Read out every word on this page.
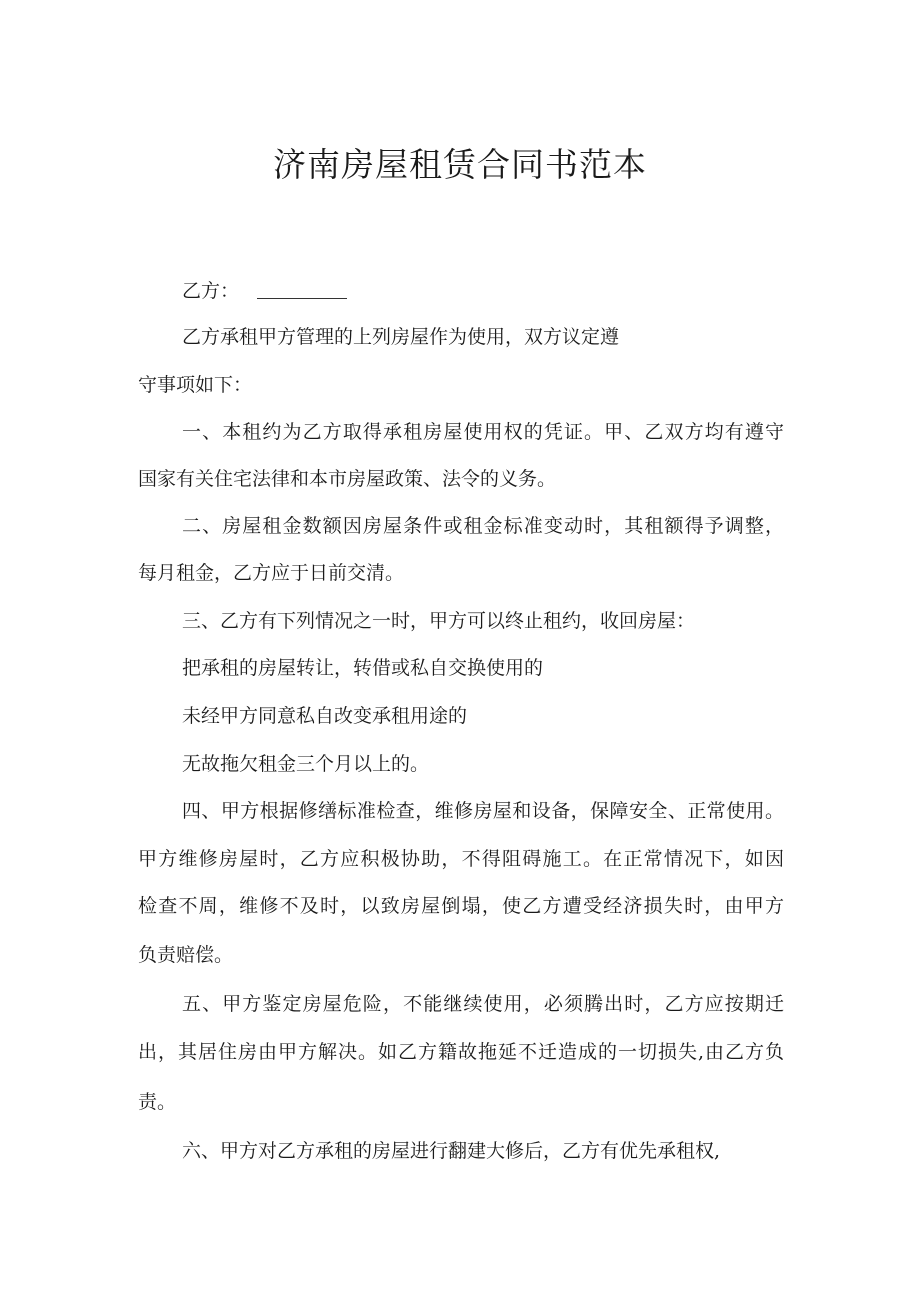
济南房屋租赁合同书范本

乙方：

乙方承租甲方管理的上列房屋作为使用，双方议定遵

守事项如下：

一、本租约为乙方取得承租房屋使用权的凭证。甲、乙双方均有遵守

国家有关住宅法律和本市房屋政策、法令的义务。

二、房屋租金数额因房屋条件或租金标准变动时，其租额得予调整，

每月租金，乙方应于日前交清。

三、乙方有下列情况之一时，甲方可以终止租约，收回房屋：

把承租的房屋转让，转借或私自交换使用的

未经甲方同意私自改变承租用途的

无故拖欠租金三个月以上的。

四、甲方根据修缮标准检查，维修房屋和设备，保障安全、正常使用。

甲方维修房屋时，乙方应积极协助，不得阻碍施工。在正常情况下，如因

检查不周，维修不及时，以致房屋倒塌，使乙方遭受经济损失时，由甲方

负责赔偿。

五、甲方鉴定房屋危险，不能继续使用，必须腾出时，乙方应按期迁

出，其居住房由甲方解决。如乙方籍故拖延不迁造成的一切损失,由乙方负

责。

六、甲方对乙方承租的房屋进行翻建大修后，乙方有优先承租权,
